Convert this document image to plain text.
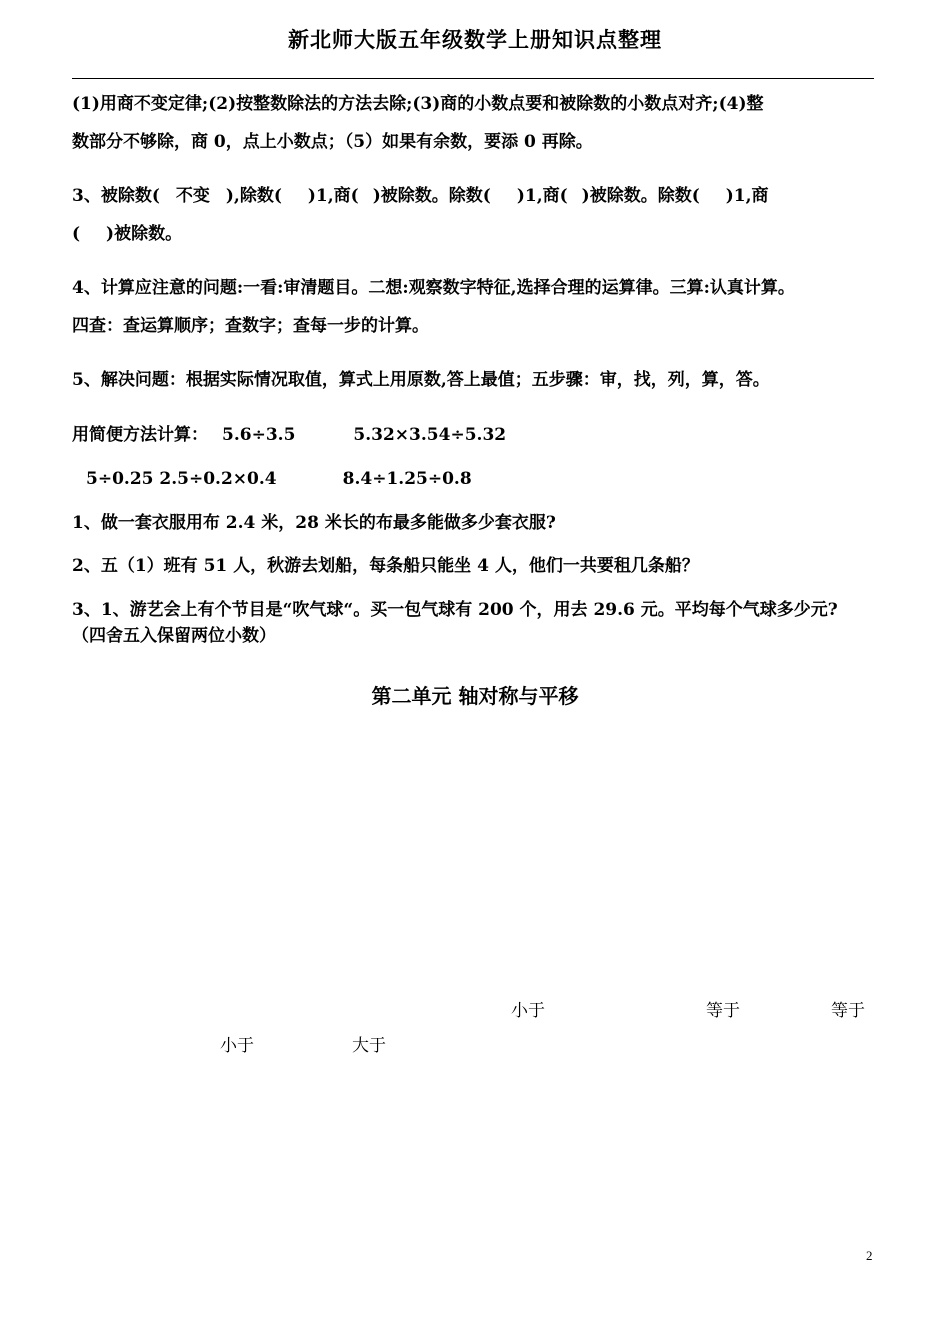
新北师大版五年级数学上册知识点整理
(1)用商不变定律;(2)按整数除法的方法去除;(3)商的小数点要和被除数的小数点对齐;(4)整
数部分不够除，商 0，点上小数点；（5）如果有余数，要添 0 再除。
3、被除数( 不变 ),除数( )1,商( )被除数。除数( )1,商( )被除数。除数( )1,商
( )被除数。
4、计算应注意的问题:一看:审清题目。二想:观察数字特征,选择合理的运算律。三算:认真计算。
四查：查运算顺序；查数字；查每一步的计算。
5、解决问题：根据实际情况取值，算式上用原数,答上最值；五步骤：审，找，列，算，答。
用简便方法计算： 5.6÷3.5	5.32×3.54÷5.32
5÷0.25 2.5÷0.2×0.4	8.4÷1.25÷0.8
1、做一套衣服用布 2.4 米，28 米长的布最多能做多少套衣服?
2、五（1）班有 51 人，秋游去划船，每条船只能坐 4 人，他们一共要租几条船？
3、1、游艺会上有个节目是“吹气球“。买一包气球有 200 个，用去 29.6 元。平均每个气球多少元?
（四舍五入保留两位小数）
第二单元 轴对称与平移
小于	等于	等于
小于	大于
2
